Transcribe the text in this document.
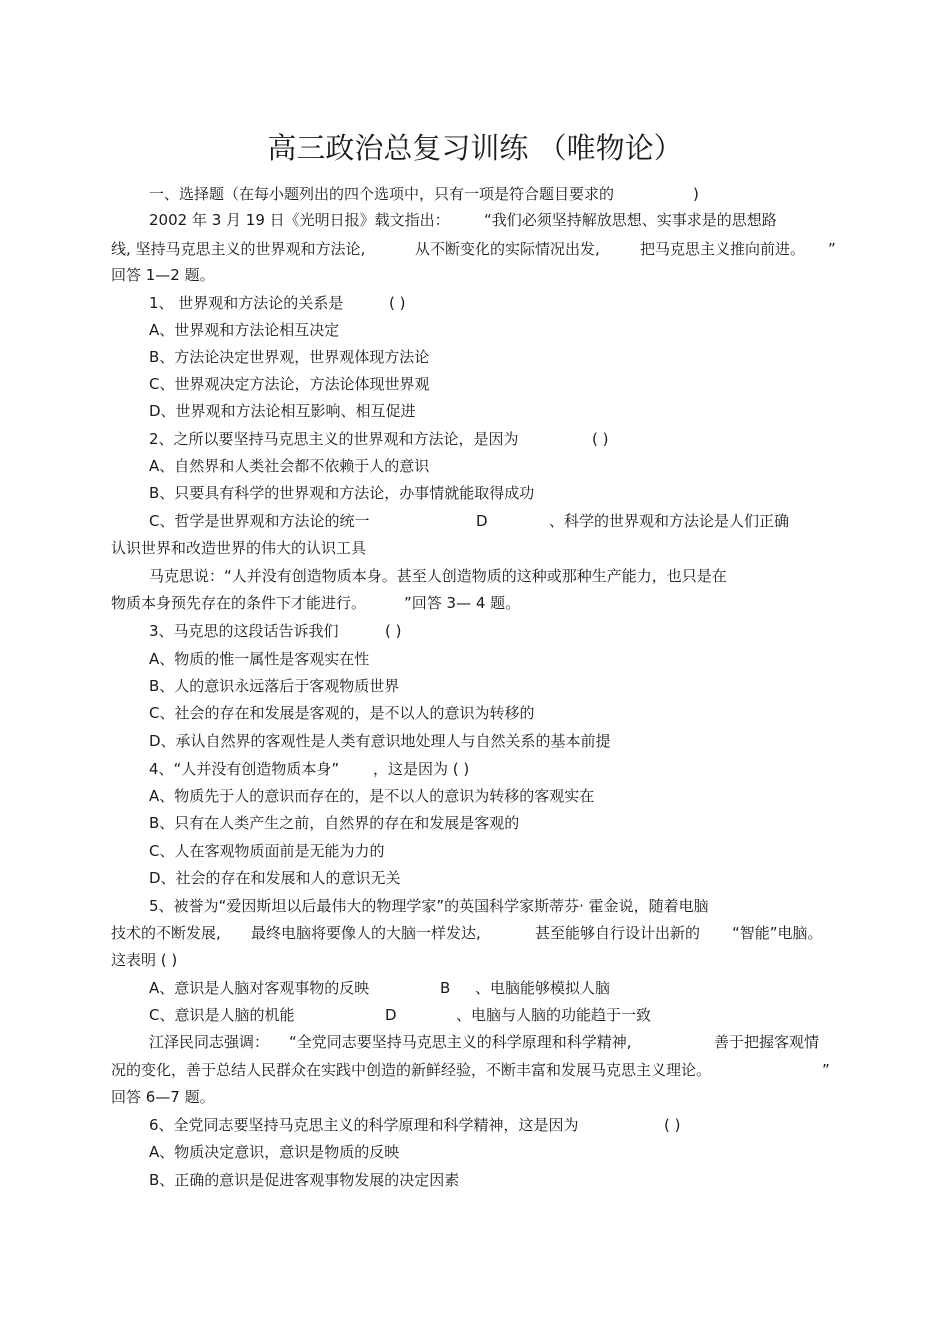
高三政治总复习训练 （唯物论）
一、选择题（在每小题列出的四个选项中，只有一项是符合题目要求的	)
2002 年 3 月 19 日《光明日报》载文指出： “我们必须坚持解放思想、实事求是的思想路
线, 坚持马克思主义的世界观和方法论,	从不断变化的实际情况出发,	把马克思主义推向前进。 ”
回答 1—2 题。
1、 世界观和方法论的关系是	( )
A、世界观和方法论相互决定
B、方法论决定世界观，世界观体现方法论
C、世界观决定方法论，方法论体现世界观
D、世界观和方法论相互影响、相互促进
2、之所以要坚持马克思主义的世界观和方法论，是因为	( )
A、自然界和人类社会都不依赖于人的意识
B、只要具有科学的世界观和方法论，办事情就能取得成功
C、哲学是世界观和方法论的统一	D	、科学的世界观和方法论是人们正确
认识世界和改造世界的伟大的认识工具
马克思说：“人并没有创造物质本身。甚至人创造物质的这种或那种生产能力，也只是在
物质本身预先存在的条件下才能进行。	”回答 3— 4 题。
3、马克思的这段话告诉我们	( )
A、物质的惟一属性是客观实在性
B、人的意识永远落后于客观物质世界
C、社会的存在和发展是客观的，是不以人的意识为转移的
D、承认自然界的客观性是人类有意识地处理人与自然关系的基本前提
4、“人并没有创造物质本身” ，这是因为 ( )
A、物质先于人的意识而存在的，是不以人的意识为转移的客观实在
B、只有在人类产生之前，自然界的存在和发展是客观的
C、人在客观物质面前是无能为力的
D、社会的存在和发展和人的意识无关
5、被誉为“爱因斯坦以后最伟大的物理学家”的英国科学家斯蒂芬· 霍金说，随着电脑
技术的不断发展, 最终电脑将要像人的大脑一样发达,	甚至能够自行设计出新的 “智能”电脑。
这表明 ( )
A、意识是人脑对客观事物的反映	B 、电脑能够模拟人脑
C、意识是人脑的机能	D	、电脑与人脑的功能趋于一致
江泽民同志强调： “全党同志要坚持马克思主义的科学原理和科学精神,	善于把握客观情
况的变化，善于总结人民群众在实践中创造的新鲜经验，不断丰富和发展马克思主义理论。	”
回答 6—7 题。
6、全党同志要坚持马克思主义的科学原理和科学精神，这是因为	( )
A、物质决定意识，意识是物质的反映
B、正确的意识是促进客观事物发展的决定因素
